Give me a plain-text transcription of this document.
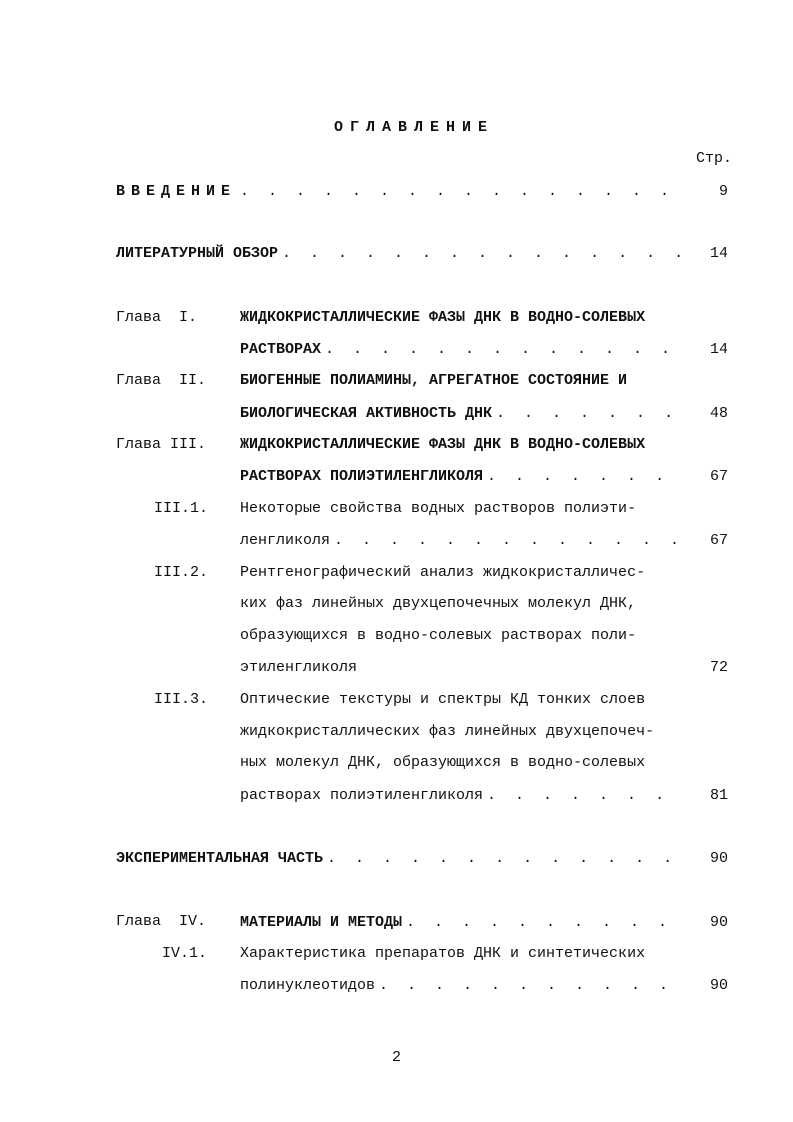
ОГЛАВЛЕНИЕ
Стр.
ВВЕДЕНИЕ . . .	9
ЛИТЕРАТУРНЫЙ ОБЗОР . . .	14
Глава  I.	ЖИДКОКРИСТАЛЛИЧЕСКИЕ ФАЗЫ ДНК В ВОДНО-СОЛЕВЫХ
РАСТВОРАХ . . .	14
Глава  II. БИОГЕННЫЕ ПОЛИАМИНЫ, АГРЕГАТНОЕ СОСТОЯНИЕ И
БИОЛОГИЧЕСКАЯ АКТИВНОСТЬ ДНК . . .	48
Глава III. ЖИДКОКРИСТАЛЛИЧЕСКИЕ ФАЗЫ ДНК В ВОДНО-СОЛЕВЫХ
РАСТВОРАХ ПОЛИЭТИЛЕНГЛИКОЛЯ . . .	67
III.1. Некоторые свойства водных растворов полиэти-
ленгликоля . . .	67
III.2. Рентгенографический анализ жидкокристалличес-
ких фаз линейных двухцепочечных молекул ДНК,
образующихся в водно-солевых растворах поли-
этиленгликоля	72
III.3. Оптические текстуры и спектры КД тонких слоев
жидкокристаллических фаз линейных двухцепочеч-
ных молекул ДНК, образующихся в водно-солевых
растворах полиэтиленгликоля . . .	81
ЭКСПЕРИМЕНТАЛЬНАЯ ЧАСТЬ . . .	90
Глава  IV. МАТЕРИАЛЫ И МЕТОДЫ . . .	90
IV.1. Характеристика препаратов ДНК и синтетических
полинуклеотидов . . .	90
2
